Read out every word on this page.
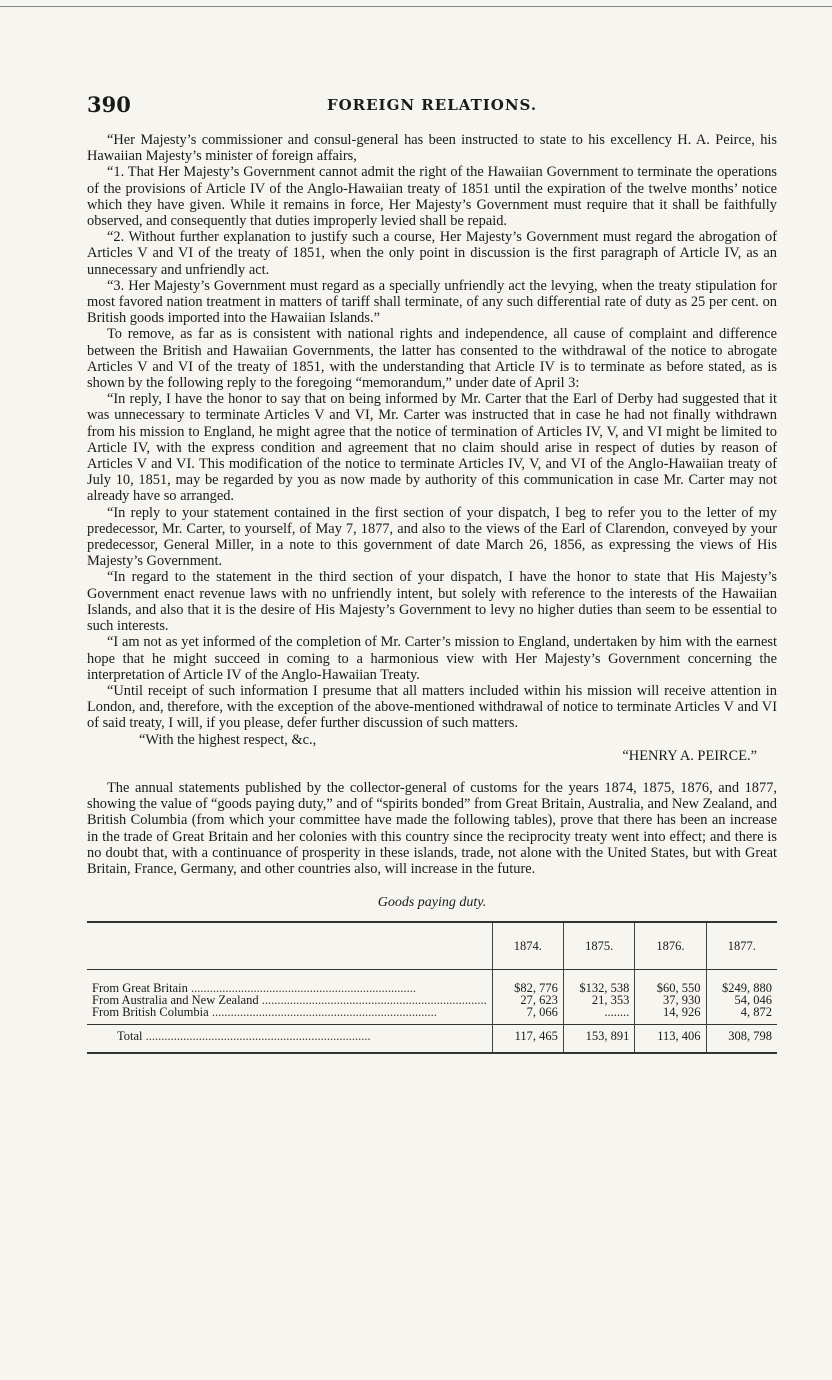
390	FOREIGN RELATIONS.

“Her Majesty’s commissioner and consul-general has been instructed to state to his excellency H. A. Peirce, his Hawaiian Majesty’s minister of foreign affairs,

“1. That Her Majesty’s Government cannot admit the right of the Hawaiian Government to terminate the operations of the provisions of Article IV of the Anglo-Hawaiian treaty of 1851 until the expiration of the twelve months’ notice which they have given. While it remains in force, Her Majesty’s Government must require that it shall be faithfully observed, and consequently that duties improperly levied shall be repaid.

“2. Without further explanation to justify such a course, Her Majesty’s Government must regard the abrogation of Articles V and VI of the treaty of 1851, when the only point in discussion is the first paragraph of Article IV, as an unnecessary and unfriendly act.

“3. Her Majesty’s Government must regard as a specially unfriendly act the levying, when the treaty stipulation for most favored nation treatment in matters of tariff shall terminate, of any such differential rate of duty as 25 per cent. on British goods imported into the Hawaiian Islands.”

To remove, as far as is consistent with national rights and independence, all cause of complaint and difference between the British and Hawaiian Governments, the latter has consented to the withdrawal of the notice to abrogate Articles V and VI of the treaty of 1851, with the understanding that Article IV is to terminate as before stated, as is shown by the following reply to the foregoing “memorandum,” under date of April 3:

“In reply, I have the honor to say that on being informed by Mr. Carter that the Earl of Derby had suggested that it was unnecessary to terminate Articles V and VI, Mr. Carter was instructed that in case he had not finally withdrawn from his mission to England, he might agree that the notice of termination of Articles IV, V, and VI might be limited to Article IV, with the express condition and agreement that no claim should arise in respect of duties by reason of Articles V and VI. This modification of the notice to terminate Articles IV, V, and VI of the Anglo-Hawaiian treaty of July 10, 1851, may be regarded by you as now made by authority of this communication in case Mr. Carter may not already have so arranged.

“In reply to your statement contained in the first section of your dispatch, I beg to refer you to the letter of my predecessor, Mr. Carter, to yourself, of May 7, 1877, and also to the views of the Earl of Clarendon, conveyed by your predecessor, General Miller, in a note to this government of date March 26, 1856, as expressing the views of His Majesty’s Government.

“In regard to the statement in the third section of your dispatch, I have the honor to state that His Majesty’s Government enact revenue laws with no unfriendly intent, but solely with reference to the interests of the Hawaiian Islands, and also that it is the desire of His Majesty’s Government to levy no higher duties than seem to be essential to such interests.

“I am not as yet informed of the completion of Mr. Carter’s mission to England, undertaken by him with the earnest hope that he might succeed in coming to a harmonious view with Her Majesty’s Government concerning the interpretation of Article IV of the Anglo-Hawaiian Treaty.

“Until receipt of such information I presume that all matters included within his mission will receive attention in London, and, therefore, with the exception of the above-mentioned withdrawal of notice to terminate Articles V and VI of said treaty, I will, if you please, defer further discussion of such matters.

“With the highest respect, &c.,

“HENRY A. PEIRCE.”

The annual statements published by the collector-general of customs for the years 1874, 1875, 1876, and 1877, showing the value of “goods paying duty,” and of “spirits bonded” from Great Britain, Australia, and New Zealand, and British Columbia (from which your committee have made the following tables), prove that there has been an increase in the trade of Great Britain and her colonies with this country since the reciprocity treaty went into effect; and there is no doubt that, with a continuance of prosperity in these islands, trade, not alone with the United States, but with Great Britain, France, Germany, and other countries also, will increase in the future.

Goods paying duty.
	1874.	1875.	1876.	1877.

From Great Britain ........................................................................	$82, 776	$132, 538	$60, 550	$249, 880
From Australia and New Zealand ........................................................................	27, 623	21, 353	37, 930	54, 046
From British Columbia ........................................................................	7, 066	........	14, 926	4, 872
Total ........................................................................	117, 465	153, 891	113, 406	308, 798
